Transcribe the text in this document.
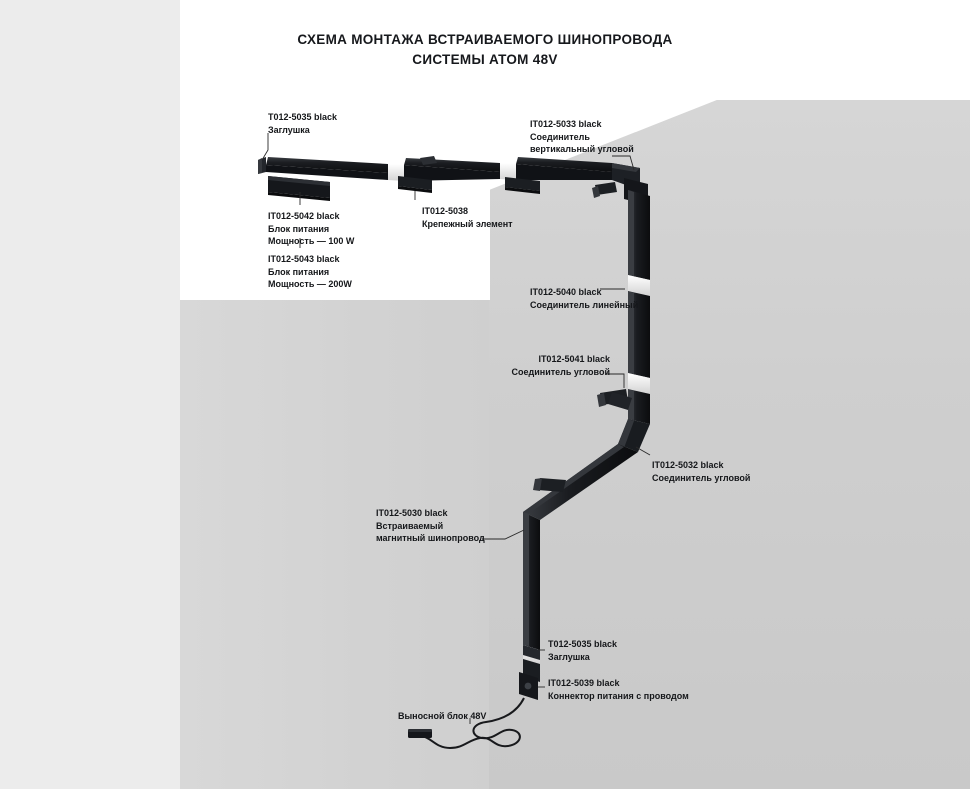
СХЕМА МОНТАЖА ВСТРАИВАЕМОГО ШИНОПРОВОДА
СИСТЕМЫ ATOM 48V
T012-5035 black
Заглушка
IT012-5033 black
Соединитель
вертикальный угловой
IT012-5042 black
Блок питания
Мощность — 100 W
IT012-5043 black
Блок питания
Мощность — 200W
IT012-5038
Крепежный элемент
IT012-5040 black
Соединитель линейный
IT012-5041 black
Соединитель угловой
IT012-5032 black
Соединитель угловой
IT012-5030 black
Встраиваемый
магнитный шинопровод
T012-5035 black
Заглушка
IT012-5039 black
Коннектор питания с проводом
Выносной блок 48V
